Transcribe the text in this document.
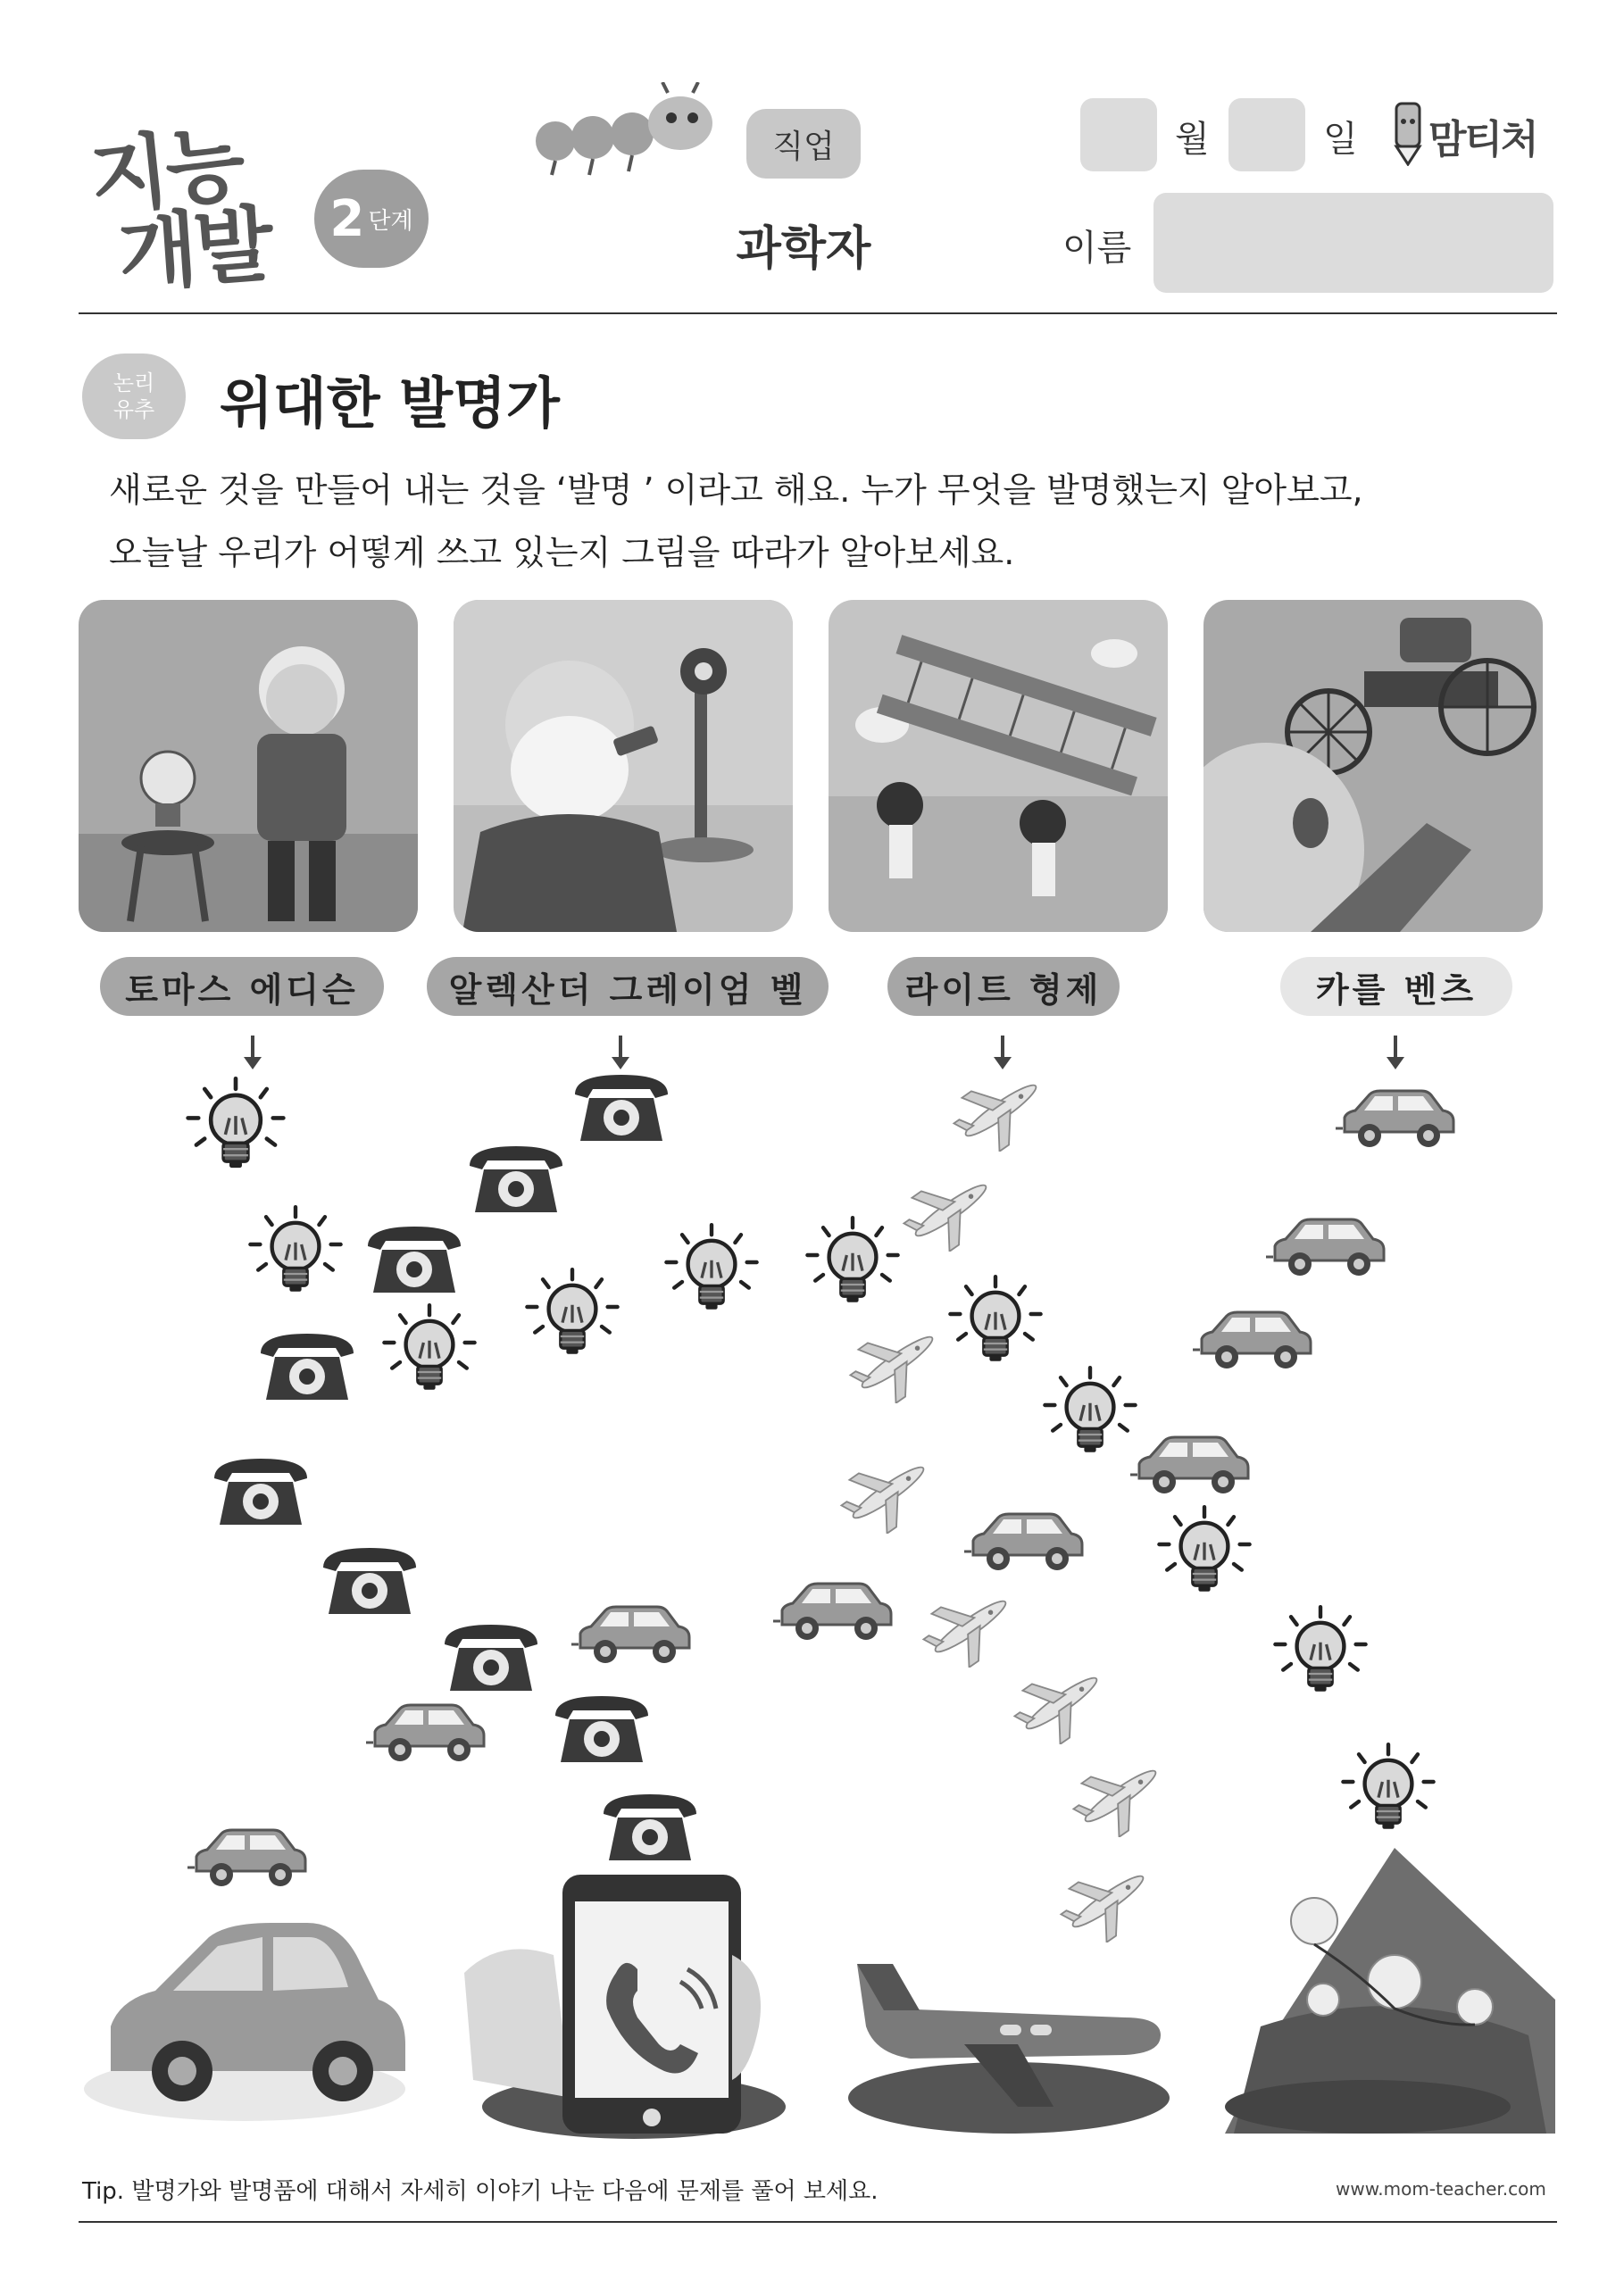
지능
개발 2 단계
직업
과학자
월	일 맘티처
이름
논리
유추	위대한 발명가
새로운 것을 만들어 내는 것을 ‘발명 ’ 이라고 해요. 누가 무엇을 발명했는지 알아보고,
오늘날 우리가 어떻게 쓰고 있는지 그림을 따라가 알아보세요.
토마스 에디슨	알렉산더 그레이엄 벨	라이트 형제	카를 벤츠
Tip. 발명가와 발명품에 대해서 자세히 이야기 나눈 다음에 문제를 풀어 보세요.	www.mom-teacher.com
